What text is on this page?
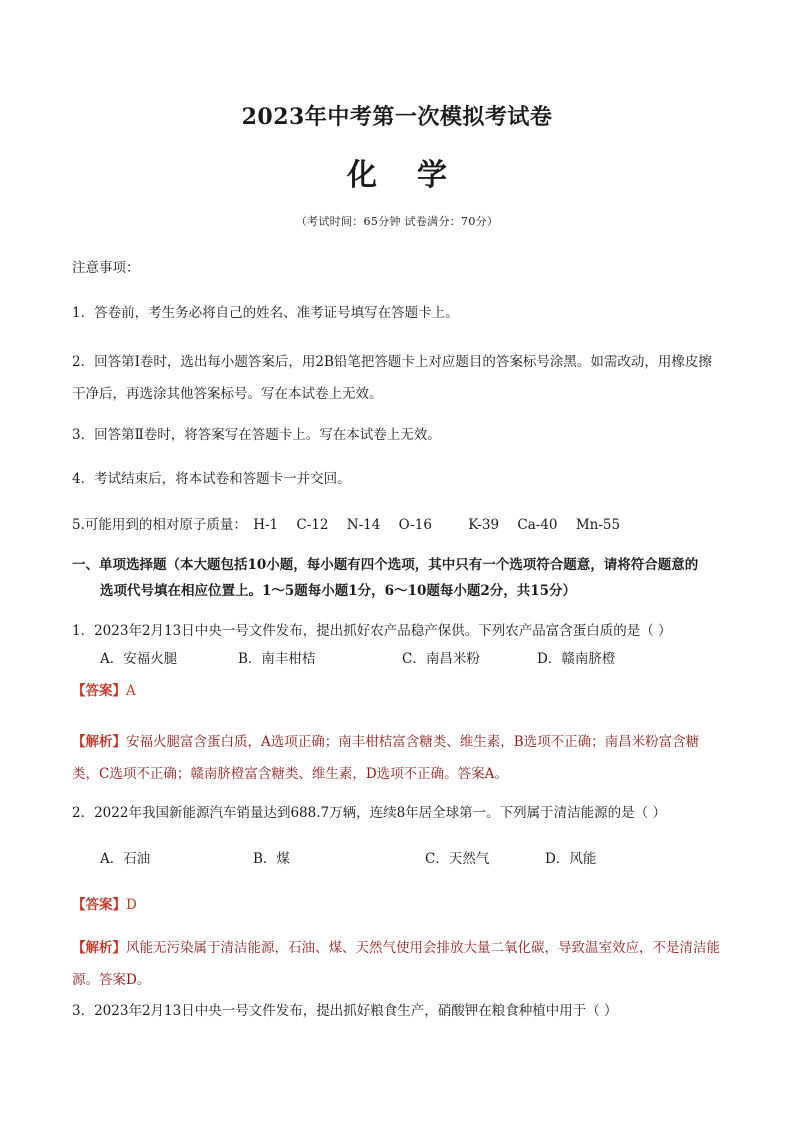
2023年中考第一次模拟考试卷
化 学
（考试时间：65分钟 试卷满分：70分）
注意事项：
1．答卷前，考生务必将自己的姓名、准考证号填写在答题卡上。
2．回答第Ⅰ卷时，选出每小题答案后，用2B铅笔把答题卡上对应题目的答案标号涂黑。如需改动，用橡皮擦干净后，再选涂其他答案标号。写在本试卷上无效。
3．回答第Ⅱ卷时，将答案写在答题卡上。写在本试卷上无效。
4．考试结束后，将本试卷和答题卡一并交回。
5.可能用到的相对原子质量： H-1 C-12 N-14 O-16	K-39 Ca-40 Mn-55
一、单项选择题（本大题包括10小题，每小题有四个选项，其中只有一个选项符合题意，请将符合题意的
选项代号填在相应位置上。1～5题每小题1分，6～10题每小题2分，共15分）
1．2023年2月13日中央一号文件发布，提出抓好农产品稳产保供。下列农产品富含蛋白质的是（ ）
A．安福火腿	B．南丰柑桔	C．南昌米粉	D．赣南脐橙
【答案】A
【解析】安福火腿富含蛋白质，A选项正确；南丰柑桔富含糖类、维生素，B选项不正确；南昌米粉富含糖类，C选项不正确；赣南脐橙富含糖类、维生素，D选项不正确。答案A。
2．2022年我国新能源汽车销量达到688.7万辆，连续8年居全球第一。下列属于清洁能源的是（ ）
A．石油	B．煤	C．天然气	D．风能
【答案】D
【解析】风能无污染属于清洁能源，石油、煤、天然气使用会排放大量二氧化碳，导致温室效应，不是清洁能源。答案D。
3．2023年2月13日中央一号文件发布，提出抓好粮食生产，硝酸钾在粮食种植中用于（ ）
